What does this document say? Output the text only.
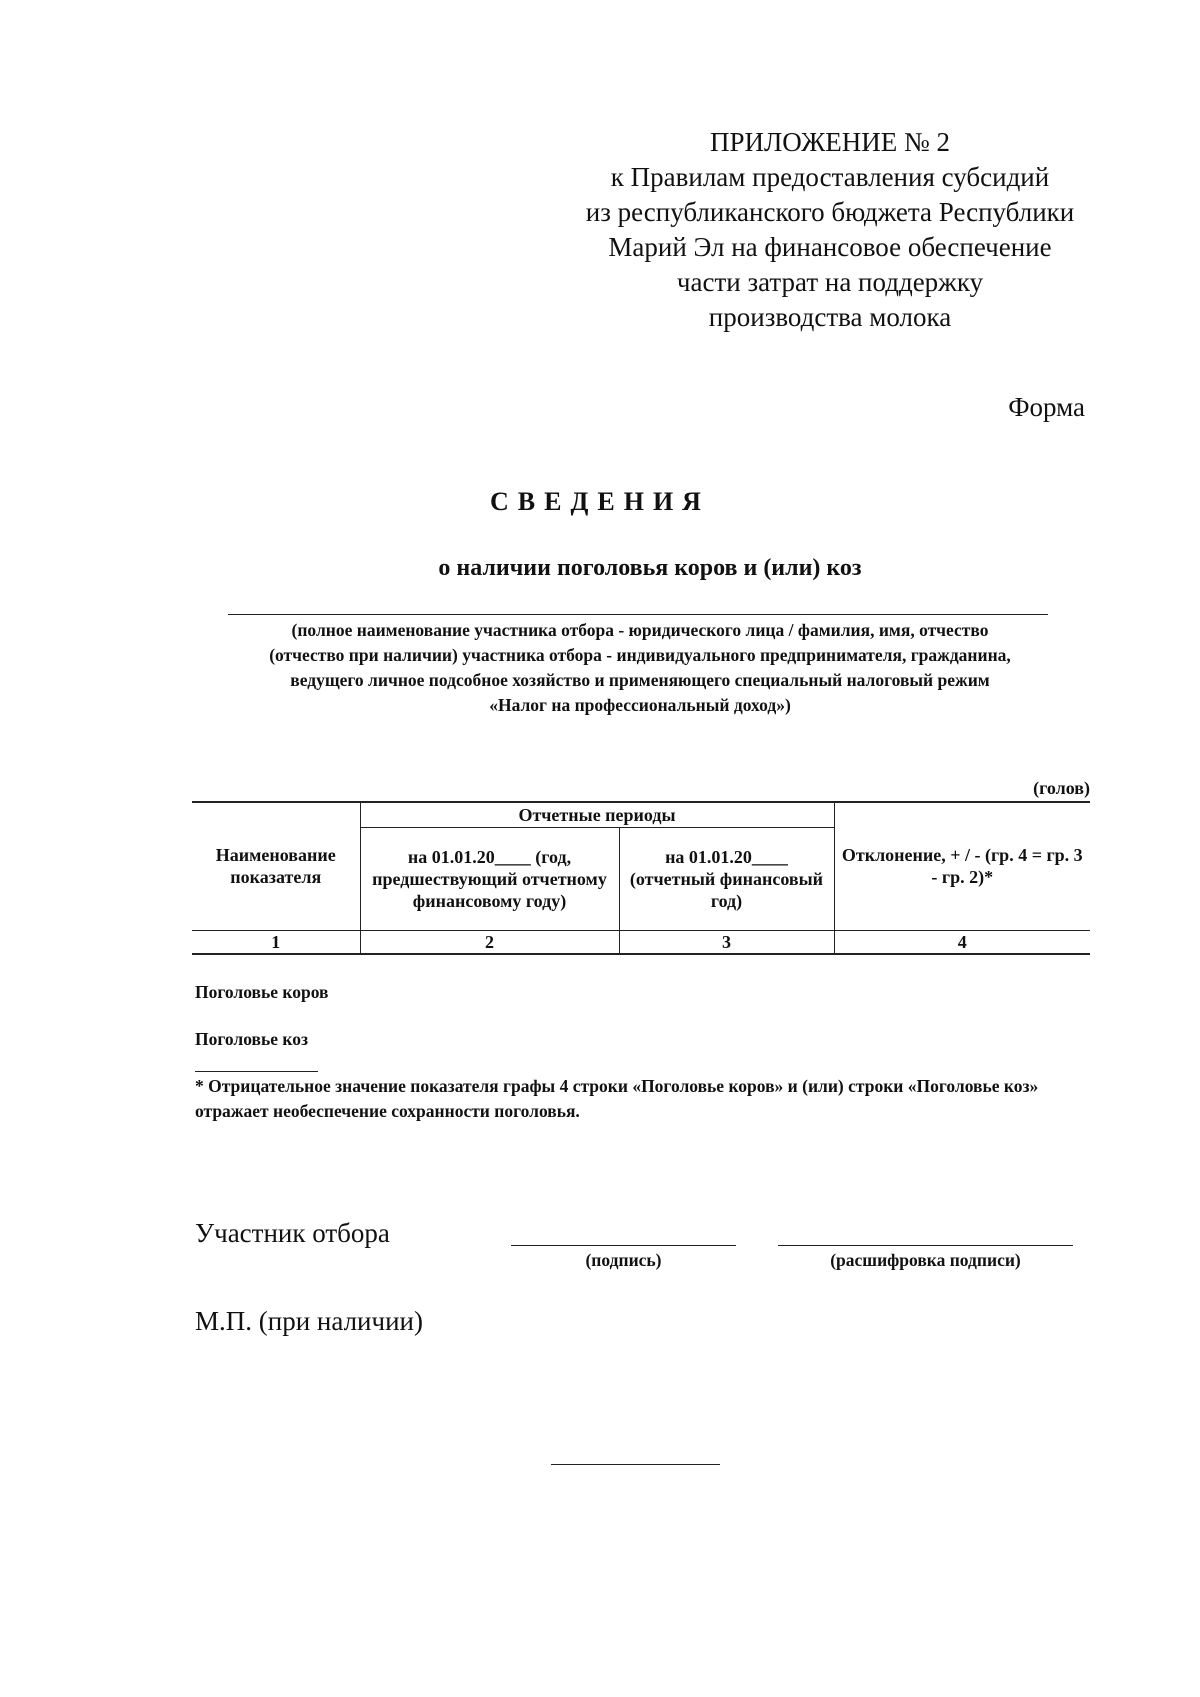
ПРИЛОЖЕНИЕ № 2
к Правилам предоставления субсидий
из республиканского бюджета Республики
Марий Эл на финансовое обеспечение
части затрат на поддержку
производства молока
Форма
СВЕДЕНИЯ
о наличии поголовья коров и (или) коз
(полное наименование участника отбора - юридического лица / фамилия, имя, отчество
(отчество при наличии) участника отбора - индивидуального предпринимателя, гражданина,
ведущего личное подсобное хозяйство и применяющего специальный налоговый режим
«Налог на профессиональный доход»)
(голов)
Наименование показателя	Отчетные периоды		Отклонение, + / - (гр. 4 = гр. 3 - гр. 2)*
	на 01.01.20____ (год, предшествующий отчетному финансовому году)	на 01.01.20____ (отчетный финансовый год)	
1	2	3	4
Поголовье коров
Поголовье коз
* Отрицательное значение показателя графы 4 строки «Поголовье коров» и (или) строки «Поголовье коз» отражает необеспечение сохранности поголовья.
Участник отбора
(подпись)	(расшифровка подписи)
М.П. (при наличии)
